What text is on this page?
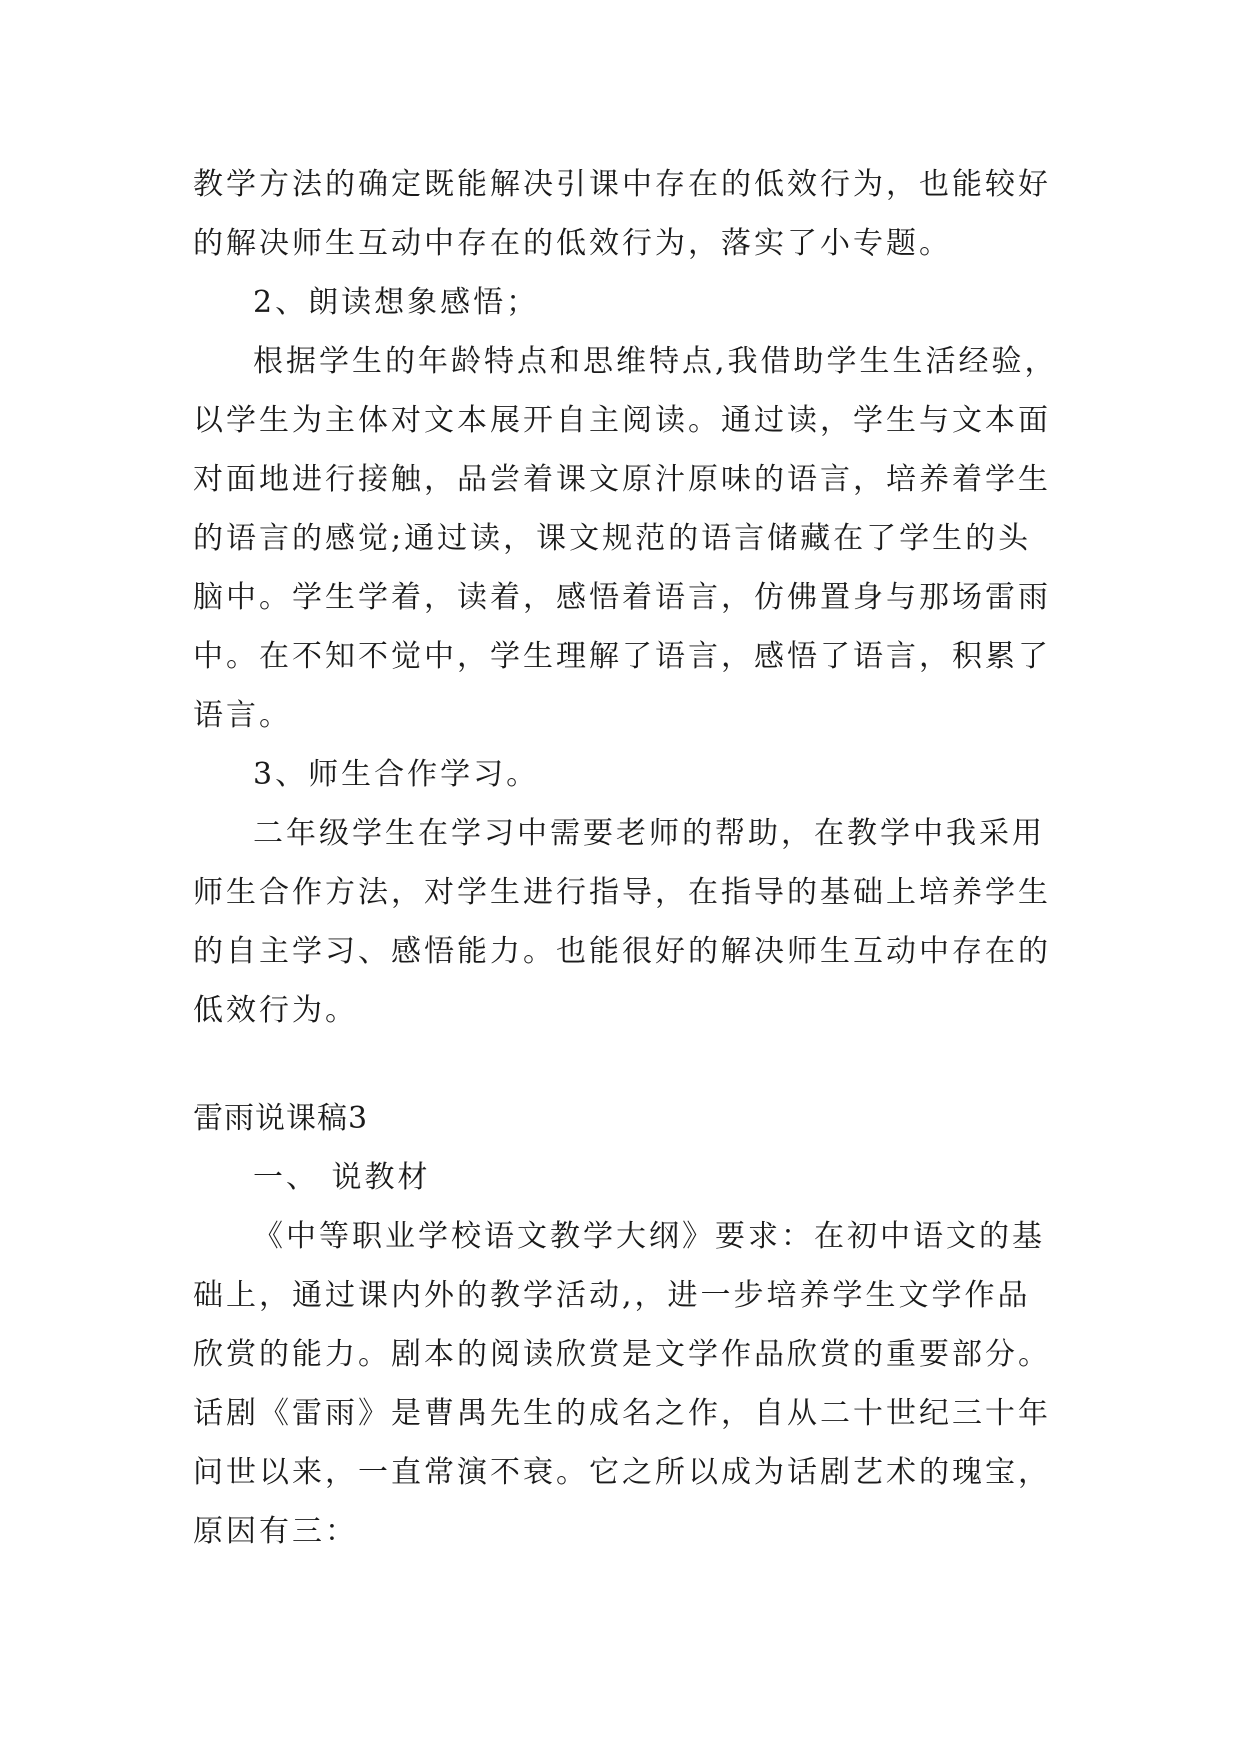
教学方法的确定既能解决引课中存在的低效行为，也能较好
的解决师生互动中存在的低效行为，落实了小专题。
2、朗读想象感悟；
根据学生的年龄特点和思维特点,我借助学生生活经验，
以学生为主体对文本展开自主阅读。通过读，学生与文本面
对面地进行接触，品尝着课文原汁原味的语言，培养着学生
的语言的感觉;通过读，课文规范的语言储藏在了学生的头
脑中。学生学着，读着，感悟着语言，仿佛置身与那场雷雨
中。在不知不觉中，学生理解了语言，感悟了语言，积累了
语言。
3、师生合作学习。
二年级学生在学习中需要老师的帮助，在教学中我采用
师生合作方法，对学生进行指导，在指导的基础上培养学生
的自主学习、感悟能力。也能很好的解决师生互动中存在的
低效行为。
雷雨说课稿3
一、 说教材
《中等职业学校语文教学大纲》要求：在初中语文的基
础上，通过课内外的教学活动,，进一步培养学生文学作品
欣赏的能力。剧本的阅读欣赏是文学作品欣赏的重要部分。
话剧《雷雨》是曹禺先生的成名之作，自从二十世纪三十年
问世以来，一直常演不衰。它之所以成为话剧艺术的瑰宝，
原因有三：
